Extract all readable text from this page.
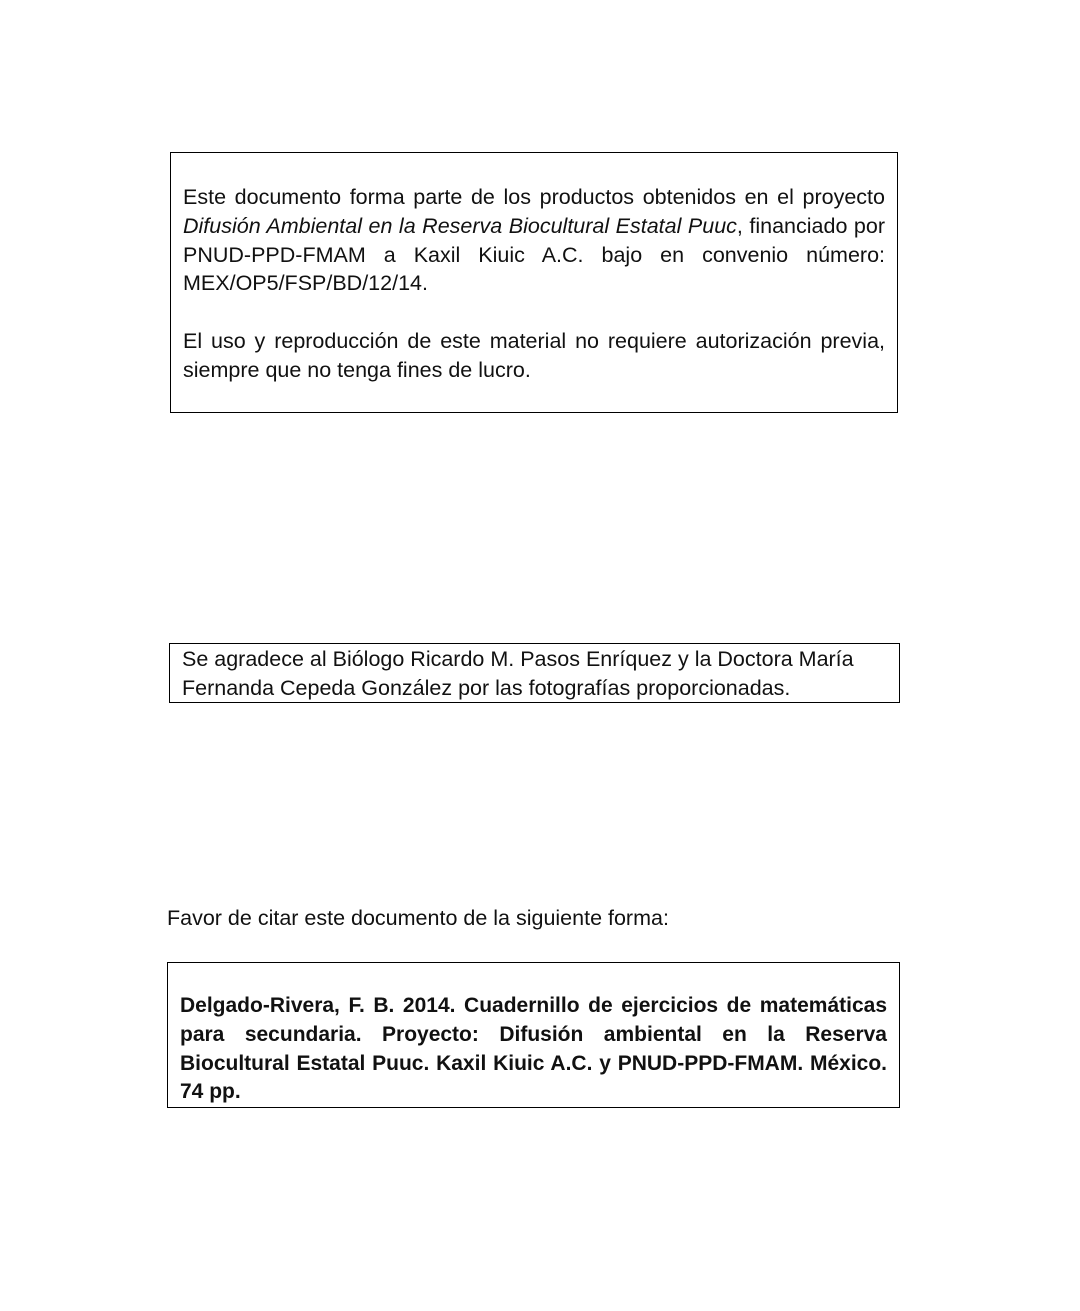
Este documento forma parte de los productos obtenidos en el proyecto Difusión Ambiental en la Reserva Biocultural Estatal Puuc, financiado por PNUD-PPD-FMAM a Kaxil Kiuic A.C. bajo en convenio número: MEX/OP5/FSP/BD/12/14.

El uso y reproducción de este material no requiere autorización previa, siempre que no tenga fines de lucro.

Se agradece al Biólogo Ricardo M. Pasos Enríquez y la Doctora María Fernanda Cepeda González por las fotografías proporcionadas.

Favor de citar este documento de la siguiente forma:

Delgado-Rivera, F. B. 2014. Cuadernillo de ejercicios de matemáticas para secundaria. Proyecto: Difusión ambiental en la Reserva Biocultural Estatal Puuc. Kaxil Kiuic A.C. y PNUD-PPD-FMAM. México. 74 pp.
